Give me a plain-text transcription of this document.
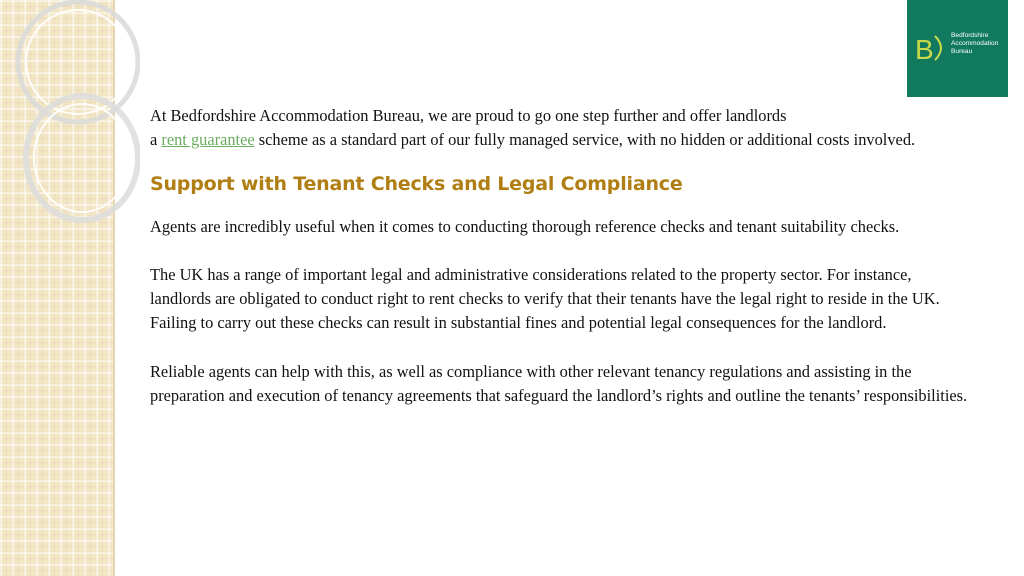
B	Bedfordshire
Accommodation
Bureau

At Bedfordshire Accommodation Bureau, we are proud to go one step further and offer landlords
a rent guarantee scheme as a standard part of our fully managed service, with no hidden or additional costs involved.

Support with Tenant Checks and Legal Compliance

Agents are incredibly useful when it comes to conducting thorough reference checks and tenant suitability checks.

The UK has a range of important legal and administrative considerations related to the property sector. For instance, landlords are obligated to conduct right to rent checks to verify that their tenants have the legal right to reside in the UK. Failing to carry out these checks can result in substantial fines and potential legal consequences for the landlord.

Reliable agents can help with this, as well as compliance with other relevant tenancy regulations and assisting in the preparation and execution of tenancy agreements that safeguard the landlord’s rights and outline the tenants’ responsibilities.
